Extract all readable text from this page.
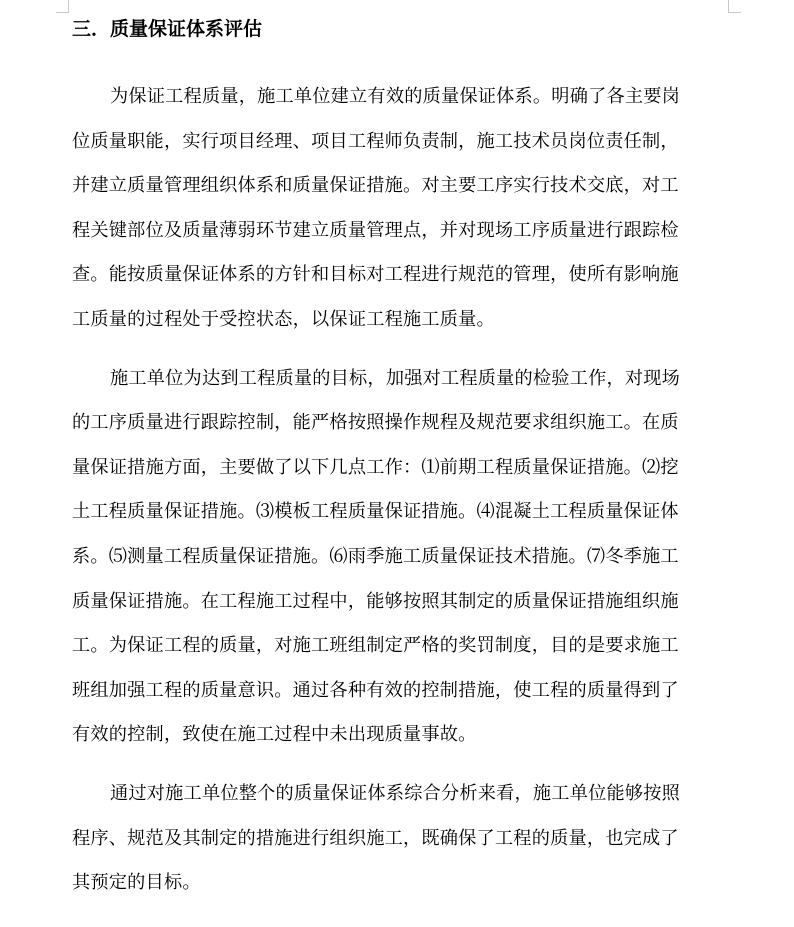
三．质量保证体系评估

为保证工程质量，施工单位建立有效的质量保证体系。明确了各主要岗
位质量职能，实行项目经理、项目工程师负责制，施工技术员岗位责任制，
并建立质量管理组织体系和质量保证措施。对主要工序实行技术交底，对工
程关键部位及质量薄弱环节建立质量管理点，并对现场工序质量进行跟踪检
查。能按质量保证体系的方针和目标对工程进行规范的管理，使所有影响施
工质量的过程处于受控状态，以保证工程施工质量。

施工单位为达到工程质量的目标，加强对工程质量的检验工作，对现场
的工序质量进行跟踪控制，能严格按照操作规程及规范要求组织施工。在质
量保证措施方面，主要做了以下几点工作：⑴前期工程质量保证措施。⑵挖
土工程质量保证措施。⑶模板工程质量保证措施。⑷混凝土工程质量保证体
系。⑸测量工程质量保证措施。⑹雨季施工质量保证技术措施。⑺冬季施工
质量保证措施。在工程施工过程中，能够按照其制定的质量保证措施组织施
工。为保证工程的质量，对施工班组制定严格的奖罚制度，目的是要求施工
班组加强工程的质量意识。通过各种有效的控制措施，使工程的质量得到了
有效的控制，致使在施工过程中未出现质量事故。

通过对施工单位整个的质量保证体系综合分析来看，施工单位能够按照
程序、规范及其制定的措施进行组织施工，既确保了工程的质量，也完成了
其预定的目标。
